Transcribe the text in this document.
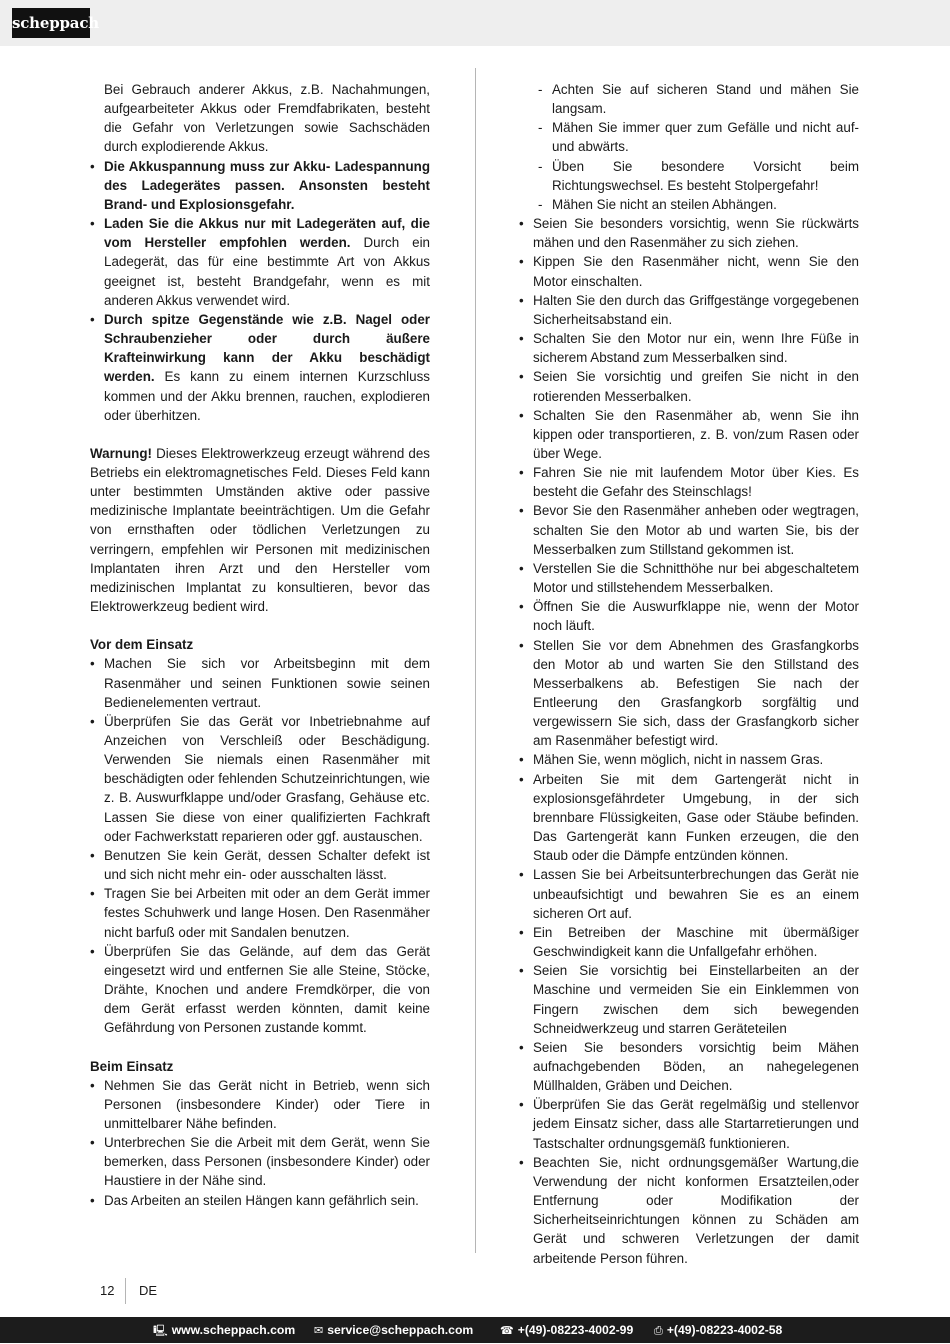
scheppach

Bei Gebrauch anderer Akkus, z.B. Nachahmungen, aufgearbeiteter Akkus oder Fremdfabrikaten, besteht die Gefahr von Verletzungen sowie Sachschäden durch explodierende Akkus.

• Die Akkuspannung muss zur Akku- Ladespannung des Ladegerätes passen. Ansonsten besteht Brand- und Explosionsgefahr.
• Laden Sie die Akkus nur mit Ladegeräten auf, die vom Hersteller empfohlen werden. Durch ein Ladegerät, das für eine bestimmte Art von Akkus geeignet ist, besteht Brandgefahr, wenn es mit anderen Akkus verwendet wird.
• Durch spitze Gegenstände wie z.B. Nagel oder Schraubenzieher oder durch äußere Krafteinwirkung kann der Akku beschädigt werden. Es kann zu einem internen Kurzschluss kommen und der Akku brennen, rauchen, explodieren oder überhitzen.

Warnung! Dieses Elektrowerkzeug erzeugt während des Betriebs ein elektromagnetisches Feld. Dieses Feld kann unter bestimmten Umständen aktive oder passive medizinische Implantate beeinträchtigen. Um die Gefahr von ernsthaften oder tödlichen Verletzungen zu verringern, empfehlen wir Personen mit medizinischen Implantaten ihren Arzt und den Hersteller vom medizinischen Implantat zu konsultieren, bevor das Elektrowerkzeug bedient wird.

Vor dem Einsatz

• Machen Sie sich vor Arbeitsbeginn mit dem Rasenmäher und seinen Funktionen sowie seinen Bedienelementen vertraut.
• Überprüfen Sie das Gerät vor Inbetriebnahme auf Anzeichen von Verschleiß oder Beschädigung. Verwenden Sie niemals einen Rasenmäher mit beschädigten oder fehlenden Schutzeinrichtungen, wie z. B. Auswurfklappe und/oder Grasfang, Gehäuse etc. Lassen Sie diese von einer qualifizierten Fachkraft oder Fachwerkstatt reparieren oder ggf. austauschen.
• Benutzen Sie kein Gerät, dessen Schalter defekt ist und sich nicht mehr ein- oder ausschalten lässt.
• Tragen Sie bei Arbeiten mit oder an dem Gerät immer festes Schuhwerk und lange Hosen. Den Rasenmäher nicht barfuß oder mit Sandalen benutzen.
• Überprüfen Sie das Gelände, auf dem das Gerät eingesetzt wird und entfernen Sie alle Steine, Stöcke, Drähte, Knochen und andere Fremdkörper, die von dem Gerät erfasst werden könnten, damit keine Gefährdung von Personen zustande kommt.

Beim Einsatz

• Nehmen Sie das Gerät nicht in Betrieb, wenn sich Personen (insbesondere Kinder) oder Tiere in unmittelbarer Nähe befinden.
• Unterbrechen Sie die Arbeit mit dem Gerät, wenn Sie bemerken, dass Personen (insbesondere Kinder) oder Haustiere in der Nähe sind.
• Das Arbeiten an steilen Hängen kann gefährlich sein.
- Achten Sie auf sicheren Stand und mähen Sie langsam.
- Mähen Sie immer quer zum Gefälle und nicht auf- und abwärts.
- Üben Sie besondere Vorsicht beim Richtungswechsel. Es besteht Stolpergefahr!
- Mähen Sie nicht an steilen Abhängen.
• Seien Sie besonders vorsichtig, wenn Sie rückwärts mähen und den Rasenmäher zu sich ziehen.
• Kippen Sie den Rasenmäher nicht, wenn Sie den Motor einschalten.
• Halten Sie den durch das Griffgestänge vorgegebenen Sicherheitsabstand ein.
• Schalten Sie den Motor nur ein, wenn Ihre Füße in sicherem Abstand zum Messerbalken sind.
• Seien Sie vorsichtig und greifen Sie nicht in den rotierenden Messerbalken.
• Schalten Sie den Rasenmäher ab, wenn Sie ihn kippen oder transportieren, z. B. von/zum Rasen oder über Wege.
• Fahren Sie nie mit laufendem Motor über Kies. Es besteht die Gefahr des Steinschlags!
• Bevor Sie den Rasenmäher anheben oder wegtragen, schalten Sie den Motor ab und warten Sie, bis der Messerbalken zum Stillstand gekommen ist.
• Verstellen Sie die Schnitthöhe nur bei abgeschaltetem Motor und stillstehendem Messerbalken.
• Öffnen Sie die Auswurfklappe nie, wenn der Motor noch läuft.
• Stellen Sie vor dem Abnehmen des Grasfangkorbs den Motor ab und warten Sie den Stillstand des Messerbalkens ab. Befestigen Sie nach der Entleerung den Grasfangkorb sorgfältig und vergewissern Sie sich, dass der Grasfangkorb sicher am Rasenmäher befestigt wird.
• Mähen Sie, wenn möglich, nicht in nassem Gras.
• Arbeiten Sie mit dem Gartengerät nicht in explosionsgefährdeter Umgebung, in der sich brennbare Flüssigkeiten, Gase oder Stäube befinden. Das Gartengerät kann Funken erzeugen, die den Staub oder die Dämpfe entzünden können.
• Lassen Sie bei Arbeitsunterbrechungen das Gerät nie unbeaufsichtigt und bewahren Sie es an einem sicheren Ort auf.
• Ein Betreiben der Maschine mit übermäßiger Geschwindigkeit kann die Unfallgefahr erhöhen.
• Seien Sie vorsichtig bei Einstellarbeiten an der Maschine und vermeiden Sie ein Einklemmen von Fingern zwischen dem sich bewegenden Schneidwerkzeug und starren Geräteteilen
• Seien Sie besonders vorsichtig beim Mähen aufnachgebenden Böden, an nahegelegenen Müllhalden, Gräben und Deichen.
• Überprüfen Sie das Gerät regelmäßig und stellenvor jedem Einsatz sicher, dass alle Startarretierungen und Tastschalter ordnungsgemäß funktionieren.
• Beachten Sie, nicht ordnungsgemäßer Wartung,die Verwendung der nicht konformen Ersatzteilen,oder Entfernung oder Modifikation der Sicherheitseinrichtungen können zu Schäden am Gerät und schweren Verletzungen der damit arbeitende Person führen.
12 DE
🖳 www.scheppach.com ✉ service@scheppach.com ☎ +(49)-08223-4002-99 ⎙ +(49)-08223-4002-58
